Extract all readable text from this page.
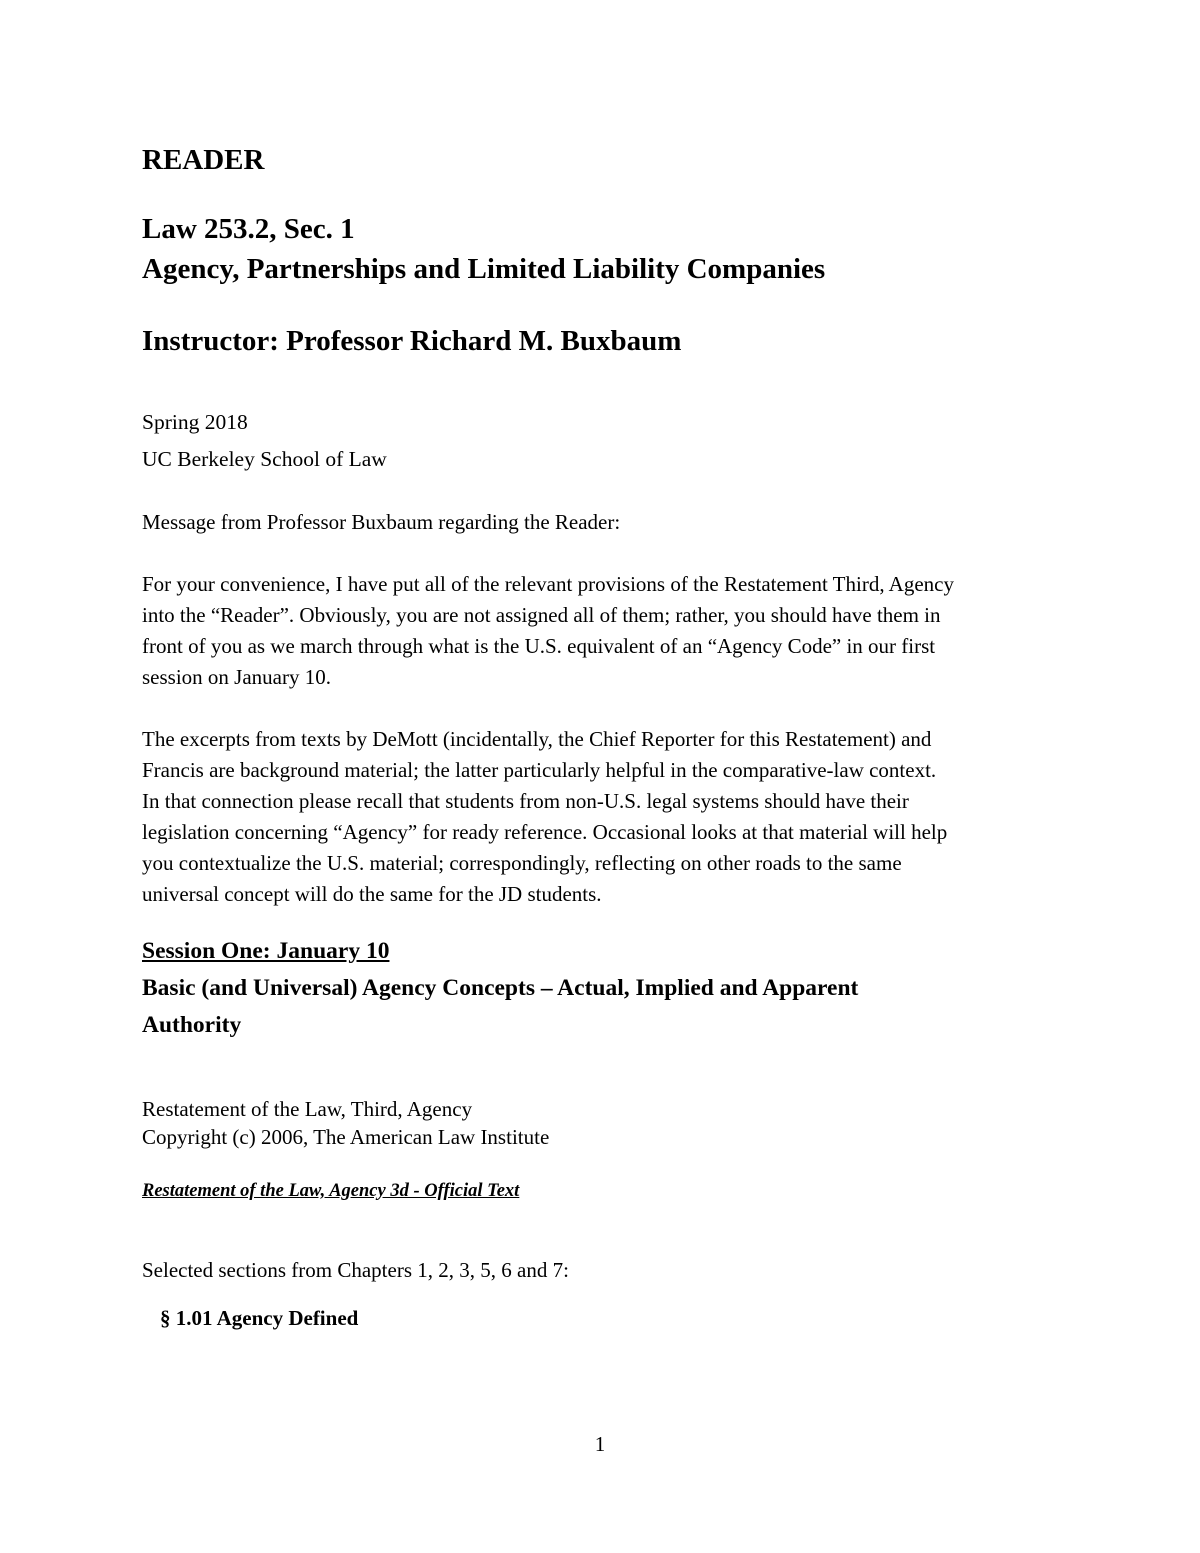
READER
Law 253.2, Sec. 1
Agency, Partnerships and Limited Liability Companies
Instructor: Professor Richard M. Buxbaum
Spring 2018
UC Berkeley School of Law
Message from Professor Buxbaum regarding the Reader:
For your convenience, I have put all of the relevant provisions of the Restatement Third, Agency
into the “Reader”. Obviously, you are not assigned all of them; rather, you should have them in
front of you as we march through what is the U.S. equivalent of an “Agency Code” in our first
session on January 10.
The excerpts from texts by DeMott (incidentally, the Chief Reporter for this Restatement) and
Francis are background material; the latter particularly helpful in the comparative-law context.
In that connection please recall that students from non-U.S. legal systems should have their
legislation concerning “Agency” for ready reference. Occasional looks at that material will help
you contextualize the U.S. material; correspondingly, reflecting on other roads to the same
universal concept will do the same for the JD students.
Session One: January 10
Basic (and Universal) Agency Concepts – Actual, Implied and Apparent
Authority
Restatement of the Law, Third, Agency
Copyright (c) 2006, The American Law Institute
Restatement of the Law, Agency 3d - Official Text
Selected sections from Chapters 1, 2, 3, 5, 6 and 7:
§ 1.01 Agency Defined
1
